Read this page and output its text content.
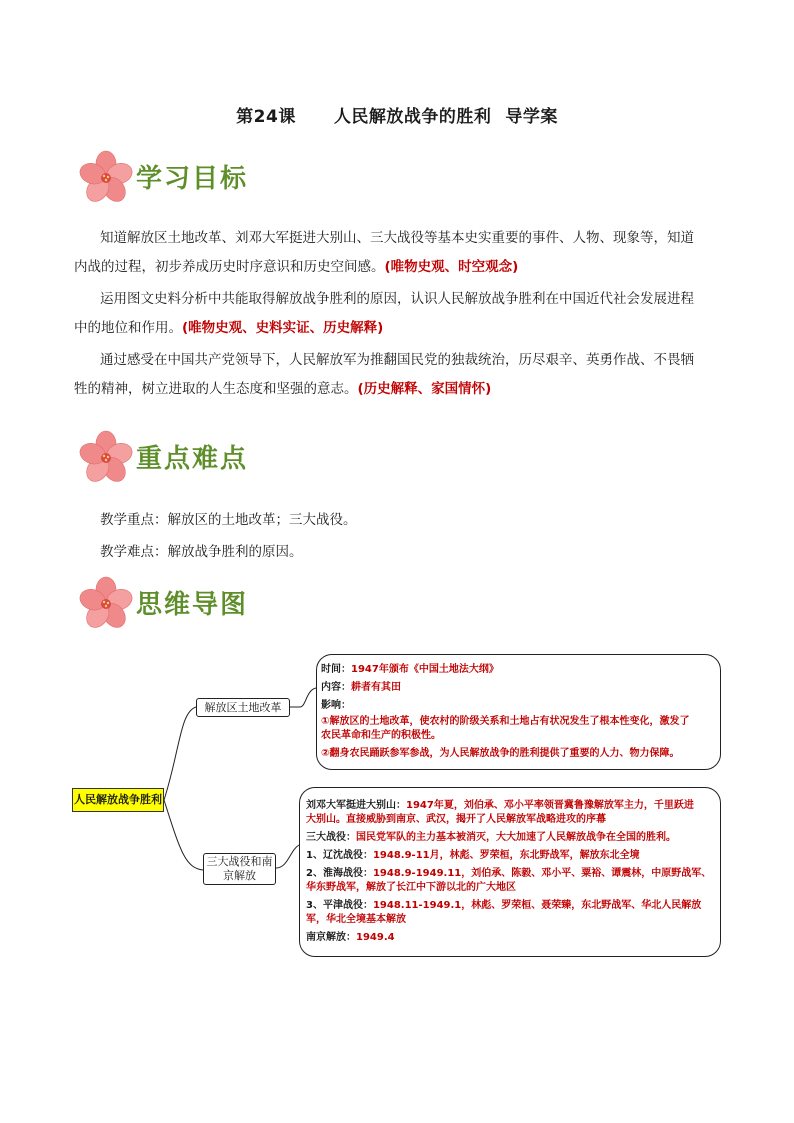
第24课 人民解放战争的胜利 导学案
学习目标
知道解放区土地改革、刘邓大军挺进大别山、三大战役等基本史实重要的事件、人物、现象等，知道
内战的过程，初步养成历史时序意识和历史空间感。(唯物史观、时空观念)
运用图文史料分析中共能取得解放战争胜利的原因，认识人民解放战争胜利在中国近代社会发展进程
中的地位和作用。(唯物史观、史料实证、历史解释)
通过感受在中国共产党领导下，人民解放军为推翻国民党的独裁统治，历尽艰辛、英勇作战、不畏牺
牲的精神，树立进取的人生态度和坚强的意志。(历史解释、家国情怀)
重点难点
教学重点：解放区的土地改革；三大战役。
教学难点：解放战争胜利的原因。
思维导图
人民解放战争胜利
解放区土地改革
三大战役和南
京解放

时间：1947年颁布《中国土地法大纲》

内容：耕者有其田

影响：

①解放区的土地改革，使农村的阶级关系和土地占有状况发生了根本性变化，激发了
农民革命和生产的积极性。

②翻身农民踊跃参军参战，为人民解放战争的胜利提供了重要的人力、物力保障。

刘邓大军挺进大别山：1947年夏，刘伯承、邓小平率领晋冀鲁豫解放军主力，千里跃进
大别山。直接威胁到南京、武汉，揭开了人民解放军战略进攻的序幕

三大战役：国民党军队的主力基本被消灭，大大加速了人民解放战争在全国的胜利。

1、辽沈战役：1948.9-11月，林彪、罗荣桓，东北野战军，解放东北全境

2、淮海战役：1948.9-1949.11，刘伯承、陈毅、邓小平、粟裕、谭震林，中原野战军、
华东野战军，解放了长江中下游以北的广大地区

3、平津战役：1948.11-1949.1，林彪、罗荣桓、聂荣臻，东北野战军、华北人民解放
军，华北全境基本解放

南京解放：1949.4
